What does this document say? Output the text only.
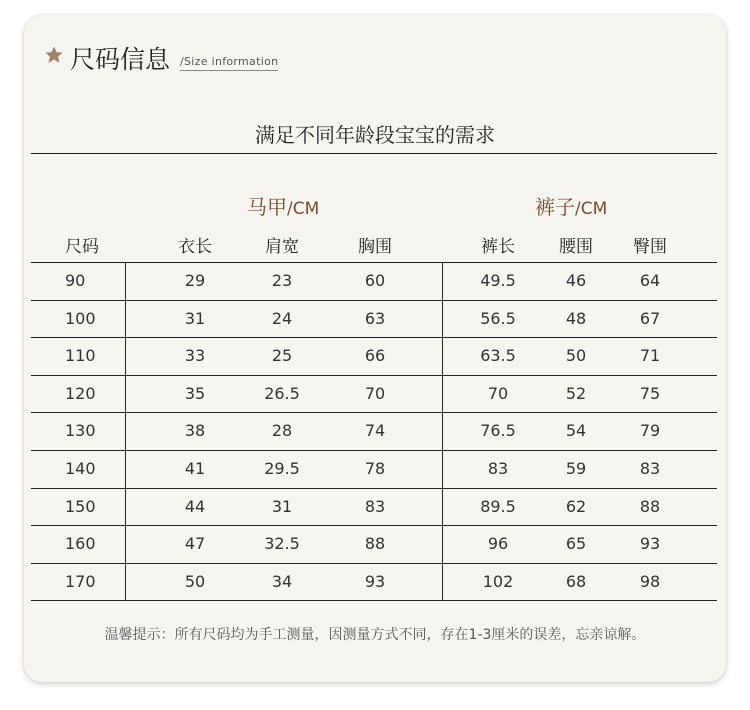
尺码信息 /Size information
满足不同年龄段宝宝的需求
马甲/CM	裤子/CM
尺码	衣长	肩宽	胸围	裤长	腰围	臀围
90	29	23	60	49.5	46	64
100	31	24	63	56.5	48	67
110	33	25	66	63.5	50	71
120	35	26.5	70	70	52	75
130	38	28	74	76.5	54	79
140	41	29.5	78	83	59	83
150	44	31	83	89.5	62	88
160	47	32.5	88	96	65	93
170	50	34	93	102	68	98
温馨提示：所有尺码均为手工测量，因测量方式不同，存在1-3厘米的误差，忘亲谅解。
